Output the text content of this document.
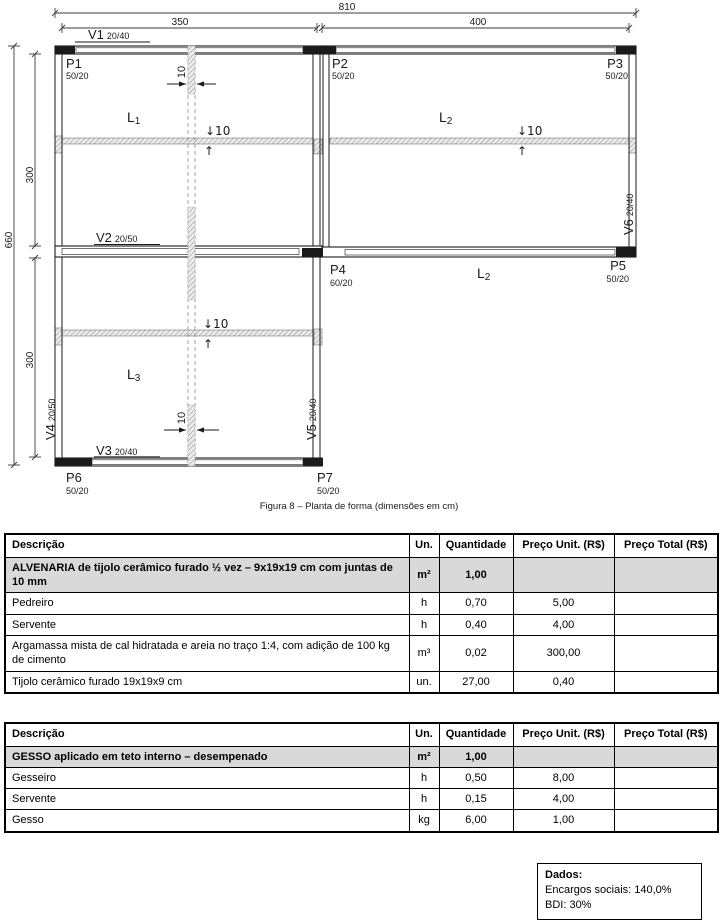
810
350	400
660
300
300
↓10
↑
↓10
↑
↓10
↑
10
10
V1 20/40
V2 20/50
V3 20/40
V420/50
V520/40
V620/40
P1
50/20
P2
50/20
P3
50/20
P4
60/20
P5
50/20
P6
50/20
P7
50/20
L1	L2
L2
L3
Figura 8 – Planta de forma (dimensões em cm)
Descrição	Un.	Quantidade	Preço Unit. (R$)	Preço Total (R$)
ALVENARIA de tijolo cerâmico furado ½ vez – 9x19x19 cm com juntas de 10 mm	m²	1,00		
Pedreiro	h	0,70	5,00	
Servente	h	0,40	4,00	
Argamassa mista de cal hidratada e areia no traço 1:4, com adição de 100 kg de cimento	m³	0,02	300,00	
Tijolo cerâmico furado 19x19x9 cm	un.	27,00	0,40	
Descrição	Un.	Quantidade	Preço Unit. (R$)	Preço Total (R$)
GESSO aplicado em teto interno – desempenado	m²	1,00		
Gesseiro	h	0,50	8,00	
Servente	h	0,15	4,00	
Gesso	kg	6,00	1,00	
Dados:
Encargos sociais: 140,0%
BDI: 30%
